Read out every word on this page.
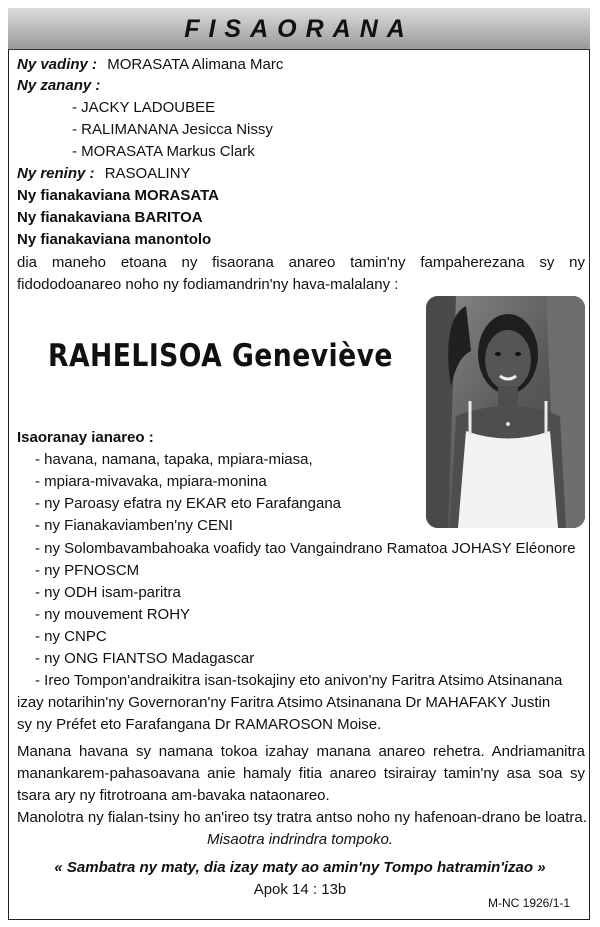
FISAORANA
Ny vadiny : MORASATA Alimana Marc
Ny zanany :
- JACKY LADOUBEE
- RALIMANANA Jesicca Nissy
- MORASATA Markus Clark
Ny reniny : RASOALINY
Ny fianakaviana MORASATA
Ny fianakaviana BARITOA
Ny fianakaviana manontolo
dia maneho etoana ny fisaorana anareo tamin'ny fampaherezana sy ny
fidododoanareo noho ny fodiamandrin'ny hava-malalany :
RAHELISOA Geneviève
Isaoranay ianareo :
- havana, namana, tapaka, mpiara-miasa,
- mpiara-mivavaka, mpiara-monina
- ny Paroasy efatra ny EKAR eto Farafangana
- ny Fianakaviamben'ny CENI
- ny Solombavambahoaka voafidy tao Vangaindrano Ramatoa JOHASY Eléonore
- ny PFNOSCM
- ny ODH isam-paritra
- ny mouvement ROHY
- ny CNPC
- ny ONG FIANTSO Madagascar
- Ireo Tompon'andraikitra isan-tsokajiny eto anivon'ny Faritra Atsimo Atsinanana
izay notarihin'ny Governoran'ny Faritra Atsimo Atsinanana Dr MAHAFAKY Justin
sy ny Préfet eto Farafangana Dr RAMAROSON Moise.
Manana havana sy namana tokoa izahay manana anareo rehetra. Andriamanitra
manankarem-pahasoavana anie hamaly fitia anareo tsirairay tamin'ny asa soa sy
tsara ary ny fitrotroana am-bavaka nataonareo.
Manolotra ny fialan-tsiny ho an'ireo tsy tratra antso noho ny hafenoan-drano be loatra.
Misaotra indrindra tompoko.
« Sambatra ny maty, dia izay maty ao amin'ny Tompo hatramin'izao »
Apok 14 : 13b
M-NC 1926/1-1
